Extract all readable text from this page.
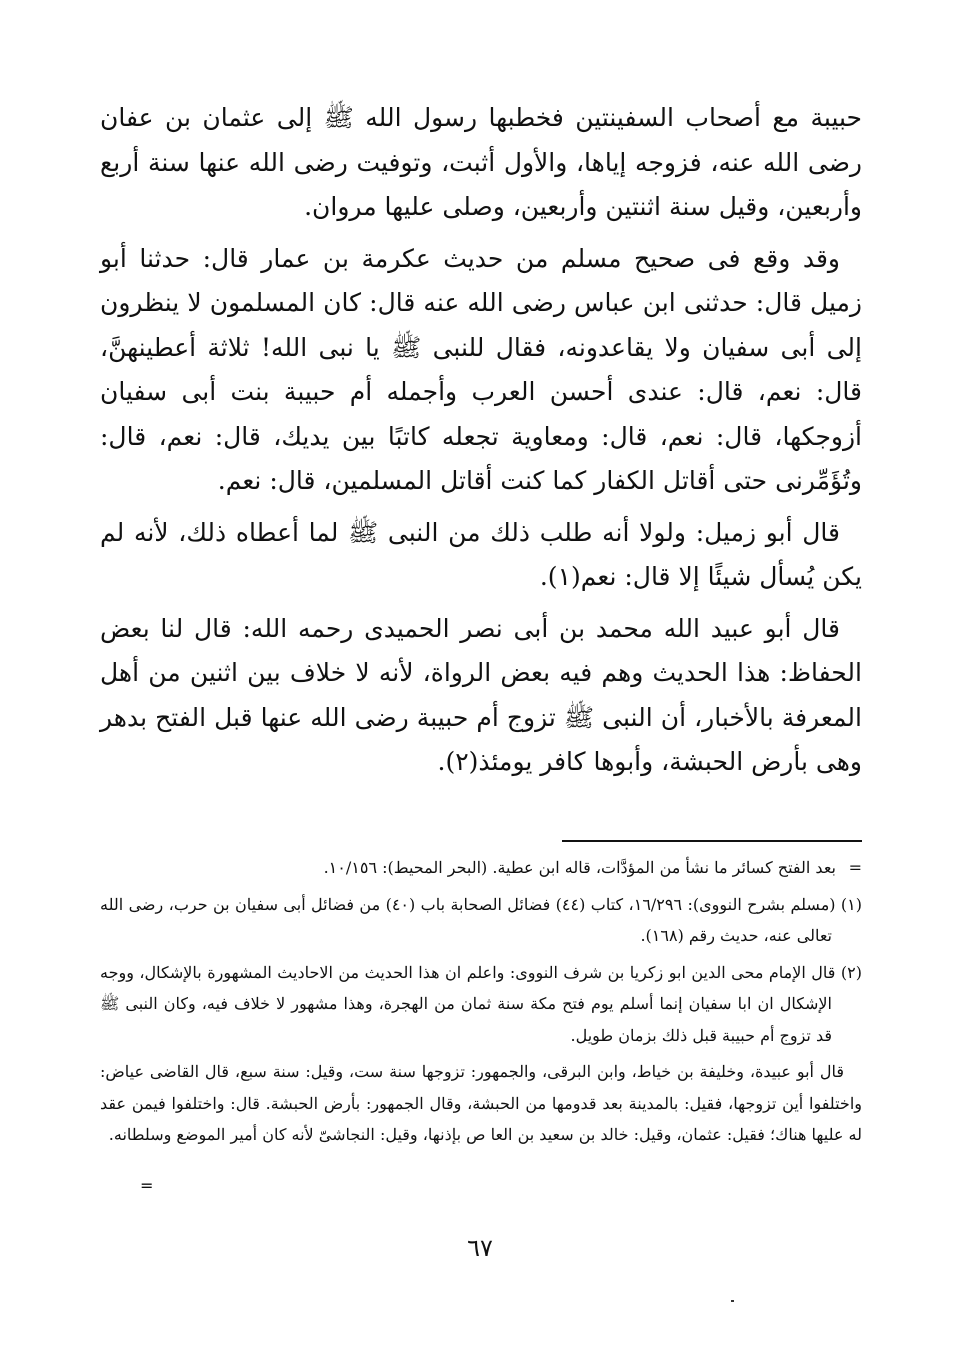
حبيبة مع أصحاب السفينتين فخطبها رسول الله ﷺ إلى عثمان بن عفان رضى الله عنه، فزوجه إياها، والأول أثبت، وتوفيت رضى الله عنها سنة أربع وأربعين، وقيل سنة اثنتين وأربعين، وصلى عليها مروان.

وقد وقع فى صحيح مسلم من حديث عكرمة بن عمار قال: حدثنا أبو زميل قال: حدثنى ابن عباس رضى الله عنه قال: كان المسلمون لا ينظرون إلى أبى سفيان ولا يقاعدونه، فقال للنبى ﷺ يا نبى الله! ثلاثة أعطينهنَّ، قال: نعم، قال: عندى أحسن العرب وأجمله أم حبيبة بنت أبى سفيان أزوجكها، قال: نعم، قال: ومعاوية تجعله كاتبًا بين يديك، قال: نعم، قال: وتُؤَمِّرنى حتى أقاتل الكفار كما كنت أقاتل المسلمين، قال: نعم.

قال أبو زميل: ولولا أنه طلب ذلك من النبى ﷺ لما أعطاه ذلك، لأنه لم يكن يُسأل شيئًا إلا قال: نعم(١).

قال أبو عبيد الله محمد بن أبى نصر الحميدى رحمه الله: قال لنا بعض الحفاظ: هذا الحديث وهم فيه بعض الرواة، لأنه لا خلاف بين اثنين من أهل المعرفة بالأخبار، أن النبى ﷺ تزوج أم حبيبة رضى الله عنها قبل الفتح بدهر وهى بأرض الحبشة، وأبوها كافر يومئذ(٢).

=بعد الفتح كسائر ما نشأ من المؤدَّات، قاله ابن عطية. (البحر المحيط): ١٠/١٥٦.

(١) (مسلم بشرح النووى): ١٦/٢٩٦، كتاب (٤٤) فضائل الصحابة باب (٤٠) من فضائل أبى سفيان بن حرب، رضى الله تعالى عنه، حديث رقم (١٦٨).

(٢) قال الإمام محى الدين ابو زكريا بن شرف النووى: واعلم ان هذا الحديث من الاحاديث المشهورة بالإشكال، ووجه الإشكال ان ابا سفيان إنما أسلم يوم فتح مكة سنة ثمان من الهجرة، وهذا مشهور لا خلاف فيه، وكان النبى ﷺ قد تزوج أم حبيبة قبل ذلك بزمان طويل.

قال أبو عبيدة، وخليفة بن خياط، وابن البرقى، والجمهور: تزوجها سنة ست، وقيل: سنة سبع، قال القاضى عياض: واختلفوا أين تزوجها، فقيل: بالمدينة بعد قدومها من الحبشة، وقال الجمهور: بأرض الحبشة. قال: واختلفوا فيمن عقد له عليها هناك؛ فقيل: عثمان، وقيل: خالد بن سعيد بن العا ص بإذنها، وقيل: النجاشىّ لأنه كان أمير الموضع وسلطانه.

=
٦٧
